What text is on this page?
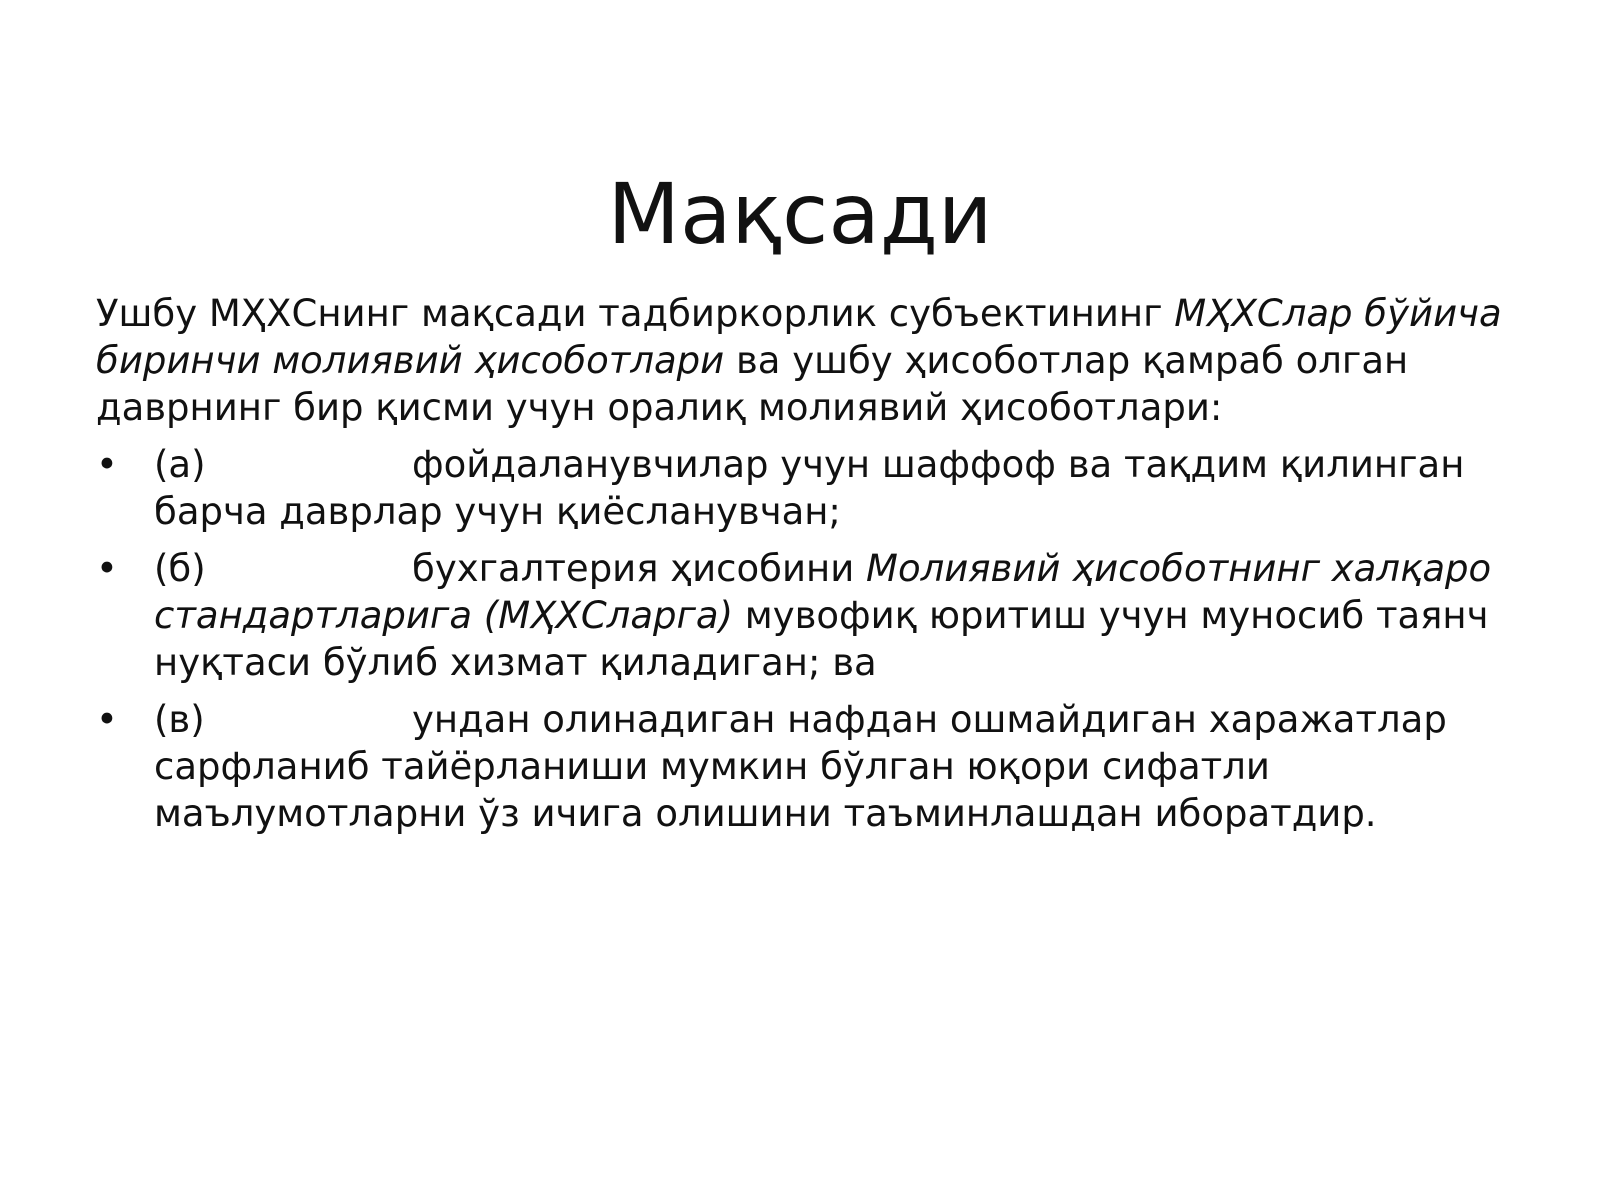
Мақсади

Ушбу МҲХСнинг мақсади тадбиркорлик субъектининг МҲХСлар бўйича биринчи молиявий ҳисоботлари ва ушбу ҳисоботлар қамраб олган даврнинг бир қисми учун оралиқ молиявий ҳисоботлари:

• (а)	фойдаланувчилар учун шаффоф ва тақдим қилинган барча даврлар учун қиёсланувчан;
• (б)	бухгалтерия ҳисобини Молиявий ҳисоботнинг халқаро стандартларига (МҲХСларга) мувофиқ юритиш учун муносиб таянч нуқтаси бўлиб хизмат қиладиган; ва
• (в)	ундан олинадиган нафдан ошмайдиган харажатлар сарфланиб тайёрланиши мумкин бўлган юқори сифатли маълумотларни ўз ичига олишини таъминлашдан иборатдир.
